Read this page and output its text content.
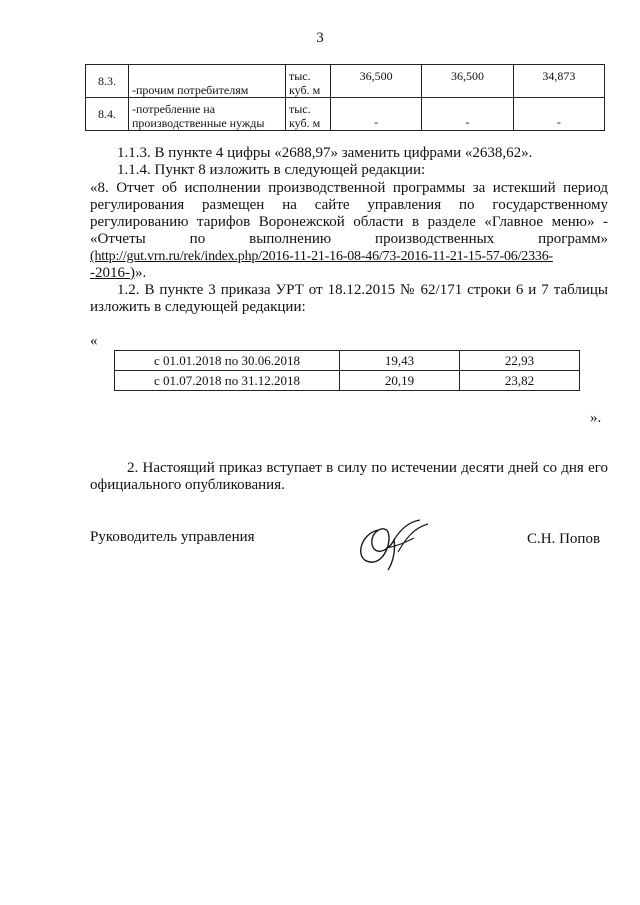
3
8.3.	-прочим потребителям	тыс. куб. м	36,500	36,500	34,873
8.4.	-потребление на производственные нужды	тыс. куб. м	-	-	-
1.1.3. В пункте 4 цифры «2688,97» заменить цифрами «2638,62».
1.1.4. Пункт 8 изложить в следующей редакции:
«8. Отчет об исполнении производственной программы за истекший период
регулирования размещен на сайте управления по государственному
регулированию тарифов Воронежской области в разделе «Главное меню» -
«Отчеты по выполнению производственных программ»
(http://gut.vrn.ru/rek/index.php/2016-11-21-16-08-46/73-2016-11-21-15-57-06/2336-
-2016-)».
1.2. В пункте 3 приказа УРТ от 18.12.2015 № 62/171 строки 6 и 7 таблицы
изложить в следующей редакции:
«
с 01.01.2018 по 30.06.2018	19,43	22,93
с 01.07.2018 по 31.12.2018	20,19	23,82
».
2. Настоящий приказ вступает в силу по истечении десяти дней со дня его
официального опубликования.
Руководитель управления	С.Н. Попов
